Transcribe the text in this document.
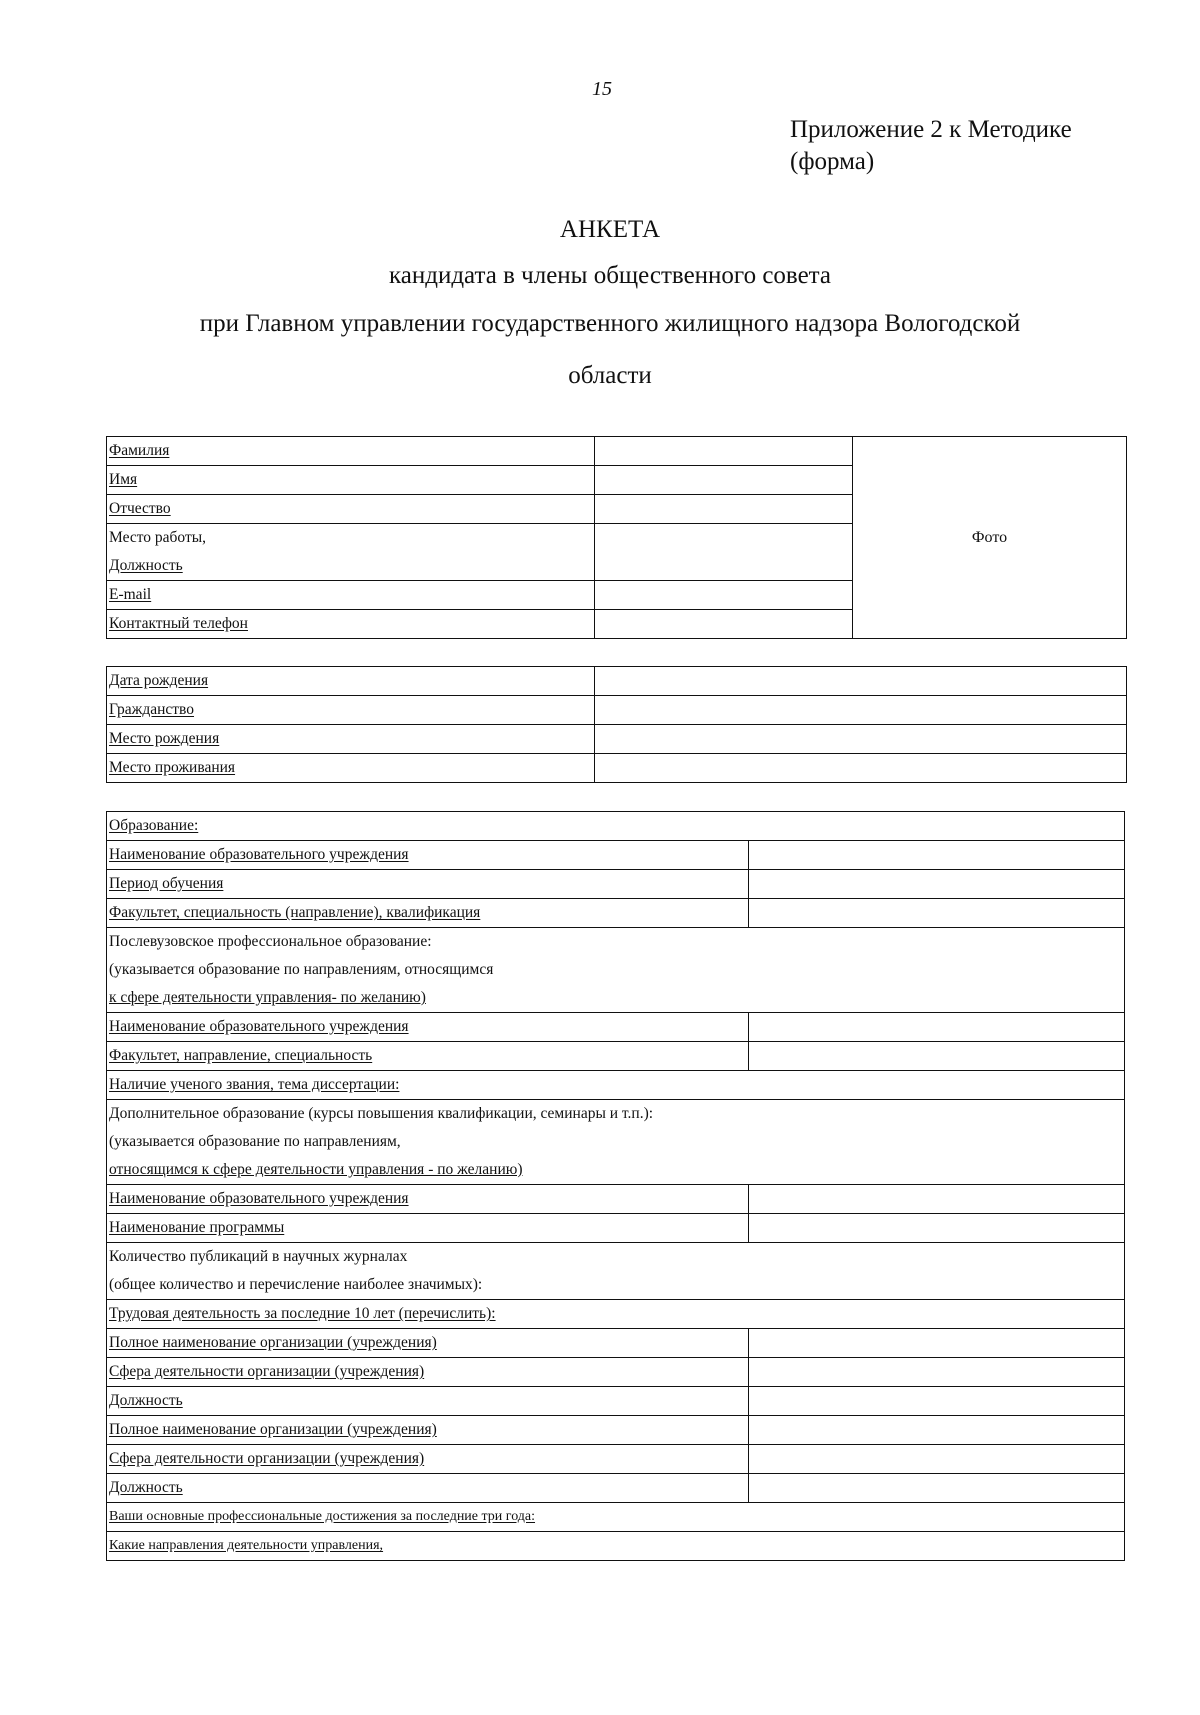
15
Приложение 2 к Методике
(форма)
АНКЕТА
кандидата в члены общественного совета
при Главном управлении государственного жилищного надзора Вологодской
области
Фамилия		Фото
Имя		
Отчество		
Место работы,		
Должность		
E-mail		
Контактный телефон		
Дата рождения	
Гражданство	
Место рождения	
Место проживания	
Образование:	
Наименование образовательного учреждения	
Период обучения	
Факультет, специальность (направление), квалификация	

Послевузовское профессиональное образование:
(указывается образование по направлениям, относящимся
к сфере деятельности управления- по желанию)	

Наименование образовательного учреждения	
Факультет, направление, специальность	
Наличие ученого звания, тема диссертации:	

Дополнительное образование (курсы повышения квалификации, семинары и т.п.):
(указывается образование по направлениям,
относящимся к сфере деятельности управления - по желанию)	

Наименование образовательного учреждения	
Наименование программы	

Количество публикаций в научных журналах
(общее количество и перечисление наиболее значимых):	

Трудовая деятельность за последние 10 лет (перечислить):	
Полное наименование организации (учреждения)	
Сфера деятельности организации (учреждения)	
Должность	
Полное наименование организации (учреждения)	
Сфера деятельности организации (учреждения)	
Должность	
Ваши основные профессиональные достижения за последние три года:	
Какие направления деятельности управления,	
